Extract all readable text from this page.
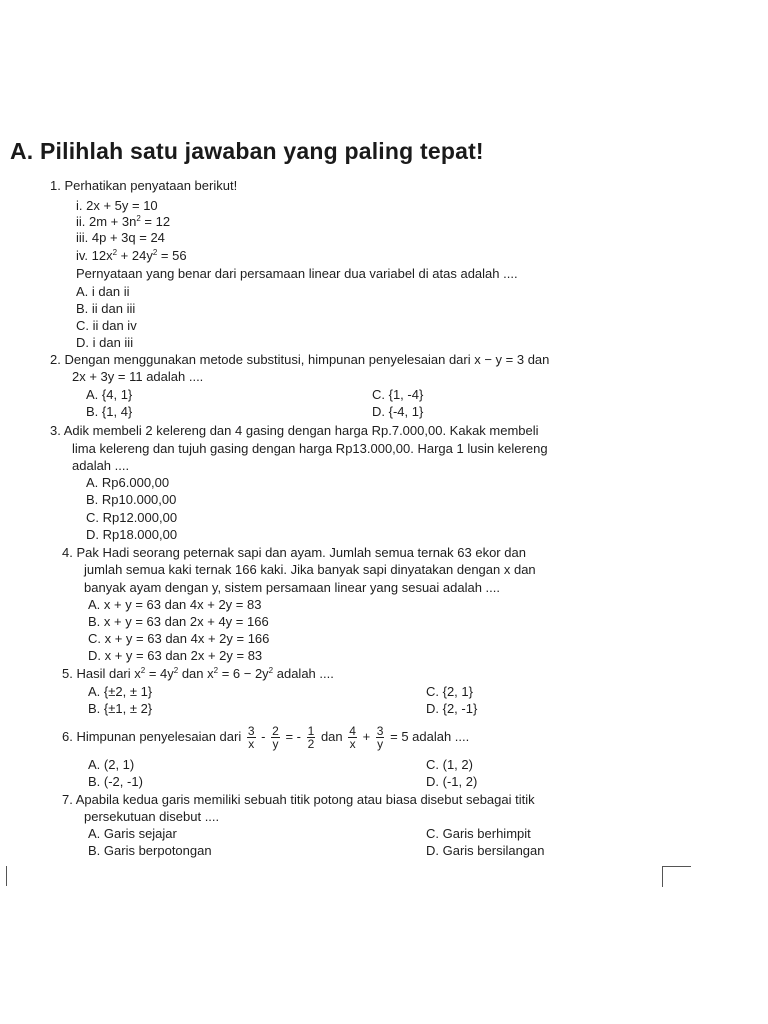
A. Pilihlah satu jawaban yang paling tepat!
1. Perhatikan penyataan berikut!
i. 2x + 5y = 10
ii. $2m + 3n^2 = 12$
iii. 4p + 3q = 24
iv. $12x^2 + 24y^2 = 56$
Pernyataan yang benar dari persamaan linear dua variabel di atas adalah ....
A. i dan ii
B. ii dan iii
C. ii dan iv
D. i dan iii
2. Dengan menggunakan metode substitusi, himpunan penyelesaian dari x − y = 3 dan
2x + 3y = 11 adalah ....
A. {4, 1}
B. {1, 4}
C. {1, -4}
D. {-4, 1}
3. Adik membeli 2 kelereng dan 4 gasing dengan harga Rp.7.000,00. Kakak membeli
lima kelereng dan tujuh gasing dengan harga Rp13.000,00. Harga 1 lusin kelereng
adalah ....
A. Rp6.000,00
B. Rp10.000,00
C. Rp12.000,00
D. Rp18.000,00
4. Pak Hadi seorang peternak sapi dan ayam. Jumlah semua ternak 63 ekor dan
jumlah semua kaki ternak 166 kaki. Jika banyak sapi dinyatakan dengan x dan
banyak ayam dengan y, sistem persamaan linear yang sesuai adalah ....
A. x + y = 63 dan 4x + 2y = 83
B. x + y = 63 dan 2x + 4y = 166
C. x + y = 63 dan 4x + 2y = 166
D. x + y = 63 dan 2x + 2y = 83
5. Hasil dari $x^2 = 4y^2$ dan $x^2 = 6 - 2y^2$ adalah ....
A. {±2, ± 1}
B. {±1, ± 2}
C. {2, 1}
D. {2, -1}
6. Himpunan penyelesaian dari $\frac{3}{x} - \frac{2}{y}$ = - $\frac{1}{2}$ dan $\frac{4}{x} + \frac{3}{y} = 5$ adalah ....
A. (2, 1)
B. (-2, -1)
C. (1, 2)
D. (-1, 2)
7. Apabila kedua garis memiliki sebuah titik potong atau biasa disebut sebagai titik
persekutuan disebut ....
A. Garis sejajar
B. Garis berpotongan
C. Garis berhimpit
D. Garis bersilangan
